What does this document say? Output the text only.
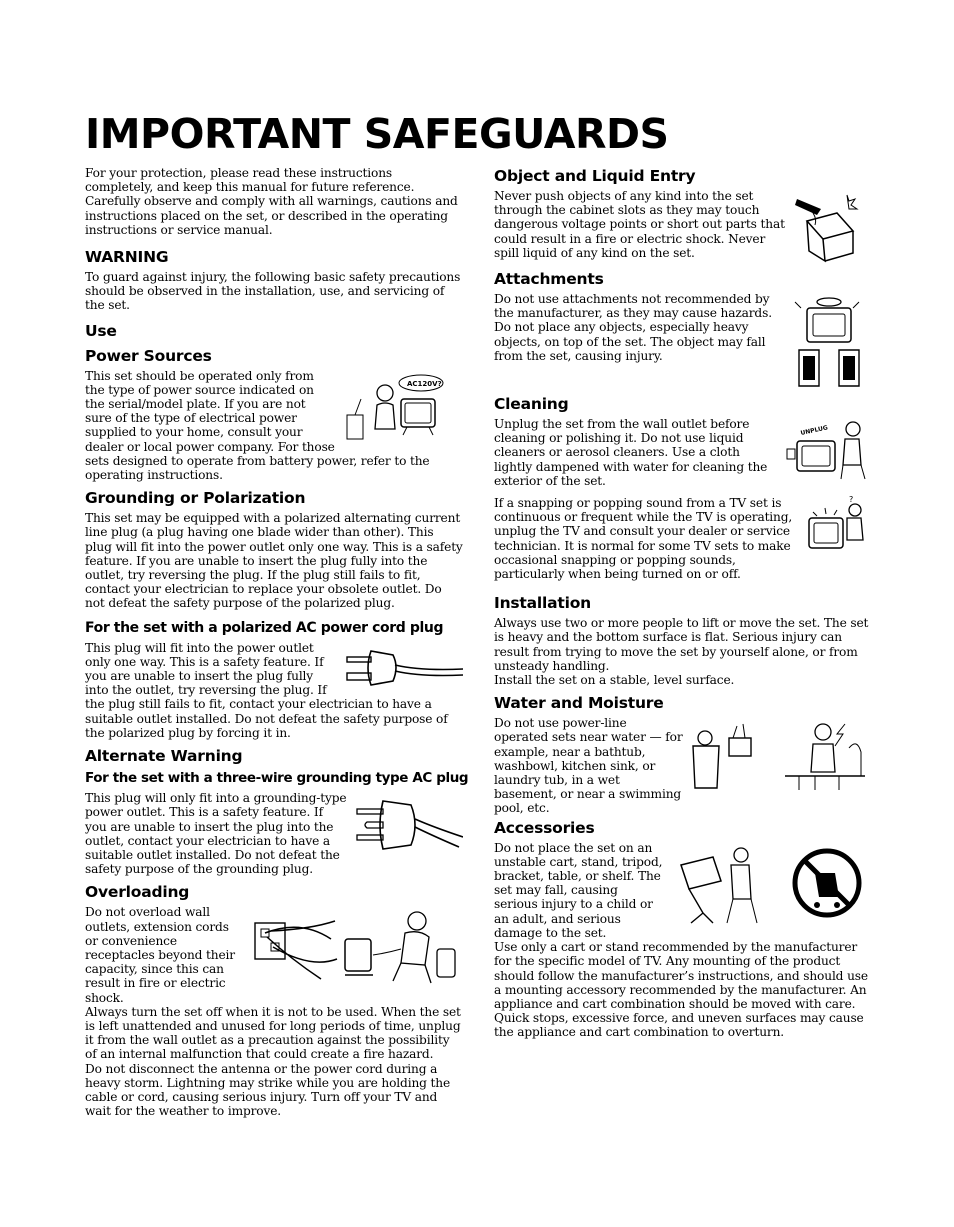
IMPORTANT SAFEGUARDS

For your protection, please read these instructions completely, and keep this manual for future reference. Carefully observe and comply with all warnings, cautions and instructions placed on the set, or described in the operating instructions or service manual.

WARNING

To guard against injury, the following basic safety precautions should be observed in the installation, use, and servicing of the set.

Use
Power Sources
AC120V?

This set should be operated only from the type of power source indicated on the serial/model plate. If you are not sure of the type of electrical power supplied to your home, consult your dealer or local power company. For those sets designed to operate from battery power, refer to the operating instructions.

Grounding or Polarization

This set may be equipped with a polarized alternating current line plug (a plug having one blade wider than other). This plug will fit into the power outlet only one way. This is a safety feature. If you are unable to insert the plug fully into the outlet, try reversing the plug. If the plug still fails to fit, contact your electrician to replace your obsolete outlet. Do not defeat the safety purpose of the polarized plug.

For the set with a polarized AC power cord plug

This plug will fit into the power outlet only one way. This is a safety feature. If you are unable to insert the plug fully into the outlet, try reversing the plug. If the plug still fails to fit, contact your electrician to have a suitable outlet installed. Do not defeat the safety purpose of the polarized plug by forcing it in.

Alternate Warning
For the set with a three-wire grounding type AC plug

This plug will only fit into a grounding-type power outlet. This is a safety feature. If you are unable to insert the plug into the outlet, contact your electrician to have a suitable outlet installed. Do not defeat the safety purpose of the grounding plug.

Overloading

Do not overload wall outlets, extension cords or convenience receptacles beyond their capacity, since this can result in fire or electric shock.

Always turn the set off when it is not to be used. When the set is left unattended and unused for long periods of time, unplug it from the wall outlet as a precaution against the possibility of an internal malfunction that could create a fire hazard.

Do not disconnect the antenna or the power cord during a heavy storm. Lightning may strike while you are holding the cable or cord, causing serious injury. Turn off your TV and wait for the weather to improve.

Object and Liquid Entry

Never push objects of any kind into the set through the cabinet slots as they may touch dangerous voltage points or short out parts that could result in a fire or electric shock. Never spill liquid of any kind on the set.

Attachments

Do not use attachments not recommended by the manufacturer, as they may cause hazards.

Do not place any objects, especially heavy objects, on top of the set. The object may fall from the set, causing injury.

Cleaning
UNPLUG

Unplug the set from the wall outlet before cleaning or polishing it. Do not use liquid cleaners or aerosol cleaners. Use a cloth lightly dampened with water for cleaning the exterior of the set.

?

If a snapping or popping sound from a TV set is continuous or frequent while the TV is operating, unplug the TV and consult your dealer or service technician. It is normal for some TV sets to make occasional snapping or popping sounds, particularly when being turned on or off.

Installation

Always use two or more people to lift or move the set. The set is heavy and the bottom surface is flat. Serious injury can result from trying to move the set by yourself alone, or from unsteady handling.

Install the set on a stable, level surface.

Water and Moisture

Do not use power-line operated sets near water — for example, near a bathtub, washbowl, kitchen sink, or laundry tub, in a wet basement, or near a swimming pool, etc.

Accessories

Do not place the set on an unstable cart, stand, tripod, bracket, table, or shelf. The set may fall, causing serious injury to a child or an adult, and serious damage to the set.

Use only a cart or stand recommended by the manufacturer for the specific model of TV. Any mounting of the product should follow the manufacturer’s instructions, and should use a mounting accessory recommended by the manufacturer. An appliance and cart combination should be moved with care. Quick stops, excessive force, and uneven surfaces may cause the appliance and cart combination to overturn.
